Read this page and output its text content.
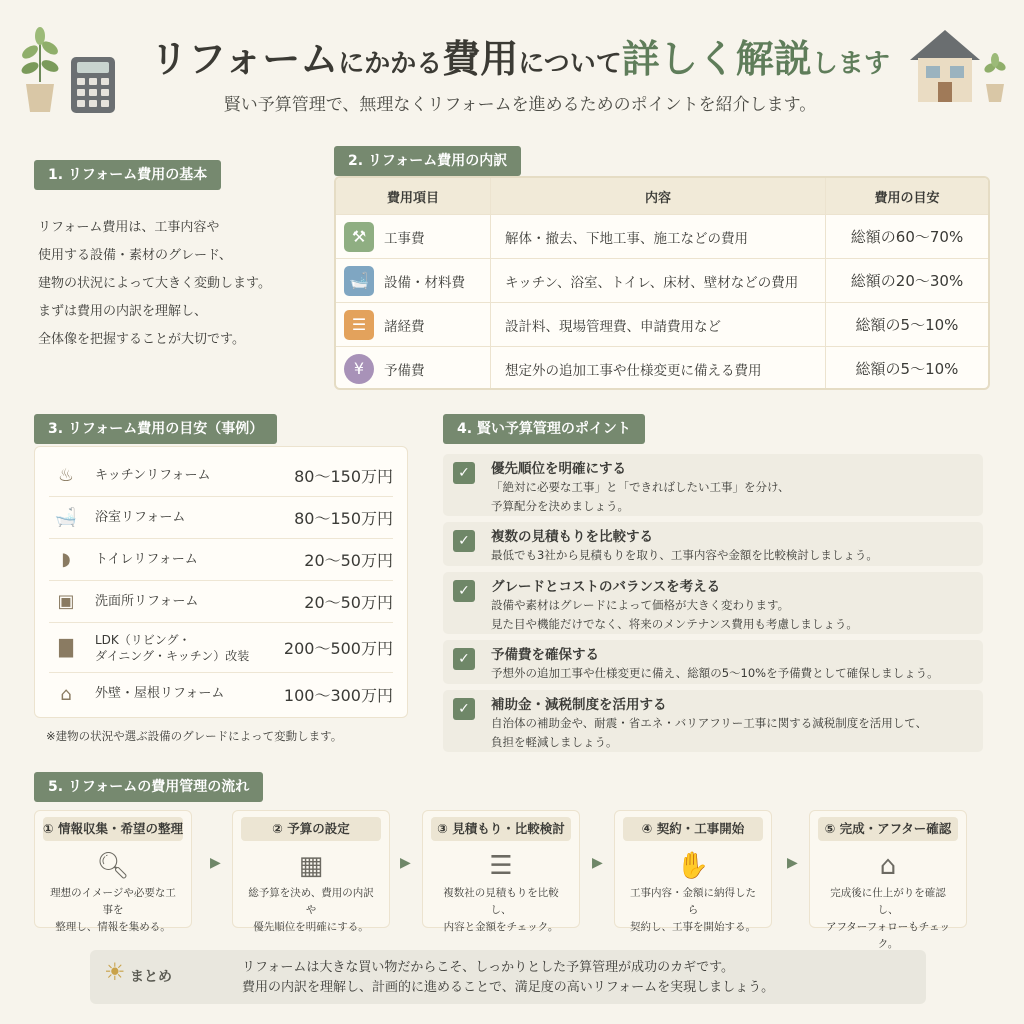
リフォームにかかる費用について詳しく解説します
賢い予算管理で、無理なくリフォームを進めるためのポイントを紹介します。
1. リフォーム費用の基本
リフォーム費用は、工事内容や
使用する設備・素材のグレード、
建物の状況によって大きく変動します。
まずは費用の内訳を理解し、
全体像を把握することが大切です。
2. リフォーム費用の内訳
費用項目	内容	費用の目安
⚒	工事費	解体・撤去、下地工事、施工などの費用	総額の60〜70%
🛁	設備・材料費	キッチン、浴室、トイレ、床材、壁材などの費用	総額の20〜30%
☰	諸経費	設計料、現場管理費、申請費用など	総額の5〜10%
¥	予備費	想定外の追加工事や仕様変更に備える費用	総額の5〜10%
3. リフォーム費用の目安（事例）
♨	キッチンリフォーム	80〜150万円
🛁	浴室リフォーム	80〜150万円
◗	トイレリフォーム	20〜50万円
▣	洗面所リフォーム	20〜50万円
▇	LDK（リビング・
ダイニング・キッチン）改装	200〜500万円
⌂	外壁・屋根リフォーム	100〜300万円
※建物の状況や選ぶ設備のグレードによって変動します。
4. 賢い予算管理のポイント
✓	優先順位を明確にする
「絶対に必要な工事」と「できればしたい工事」を分け、
予算配分を決めましょう。
✓	複数の見積もりを比較する
最低でも3社から見積もりを取り、工事内容や金額を比較検討しましょう。
✓	グレードとコストのバランスを考える
設備や素材はグレードによって価格が大きく変わります。
見た目や機能だけでなく、将来のメンテナンス費用も考慮しましょう。
✓	予備費を確保する
予想外の追加工事や仕様変更に備え、総額の5〜10%を予備費として確保しましょう。
✓	補助金・減税制度を活用する
自治体の補助金や、耐震・省エネ・バリアフリー工事に関する減税制度を活用して、
負担を軽減しましょう。
5. リフォームの費用管理の流れ
① 情報収集・希望の整理
🔍︎
理想のイメージや必要な工事を
整理し、情報を集める。
▶
② 予算の設定
▦
総予算を決め、費用の内訳や
優先順位を明確にする。
▶
③ 見積もり・比較検討
☰
複数社の見積もりを比較し、
内容と金額をチェック。
▶
④ 契約・工事開始
✋
工事内容・金額に納得したら
契約し、工事を開始する。
▶
⑤ 完成・アフター確認
⌂
完成後に仕上がりを確認し、
アフターフォローもチェック。
☀ まとめ
リフォームは大きな買い物だからこそ、しっかりとした予算管理が成功のカギです。
費用の内訳を理解し、計画的に進めることで、満足度の高いリフォームを実現しましょう。
